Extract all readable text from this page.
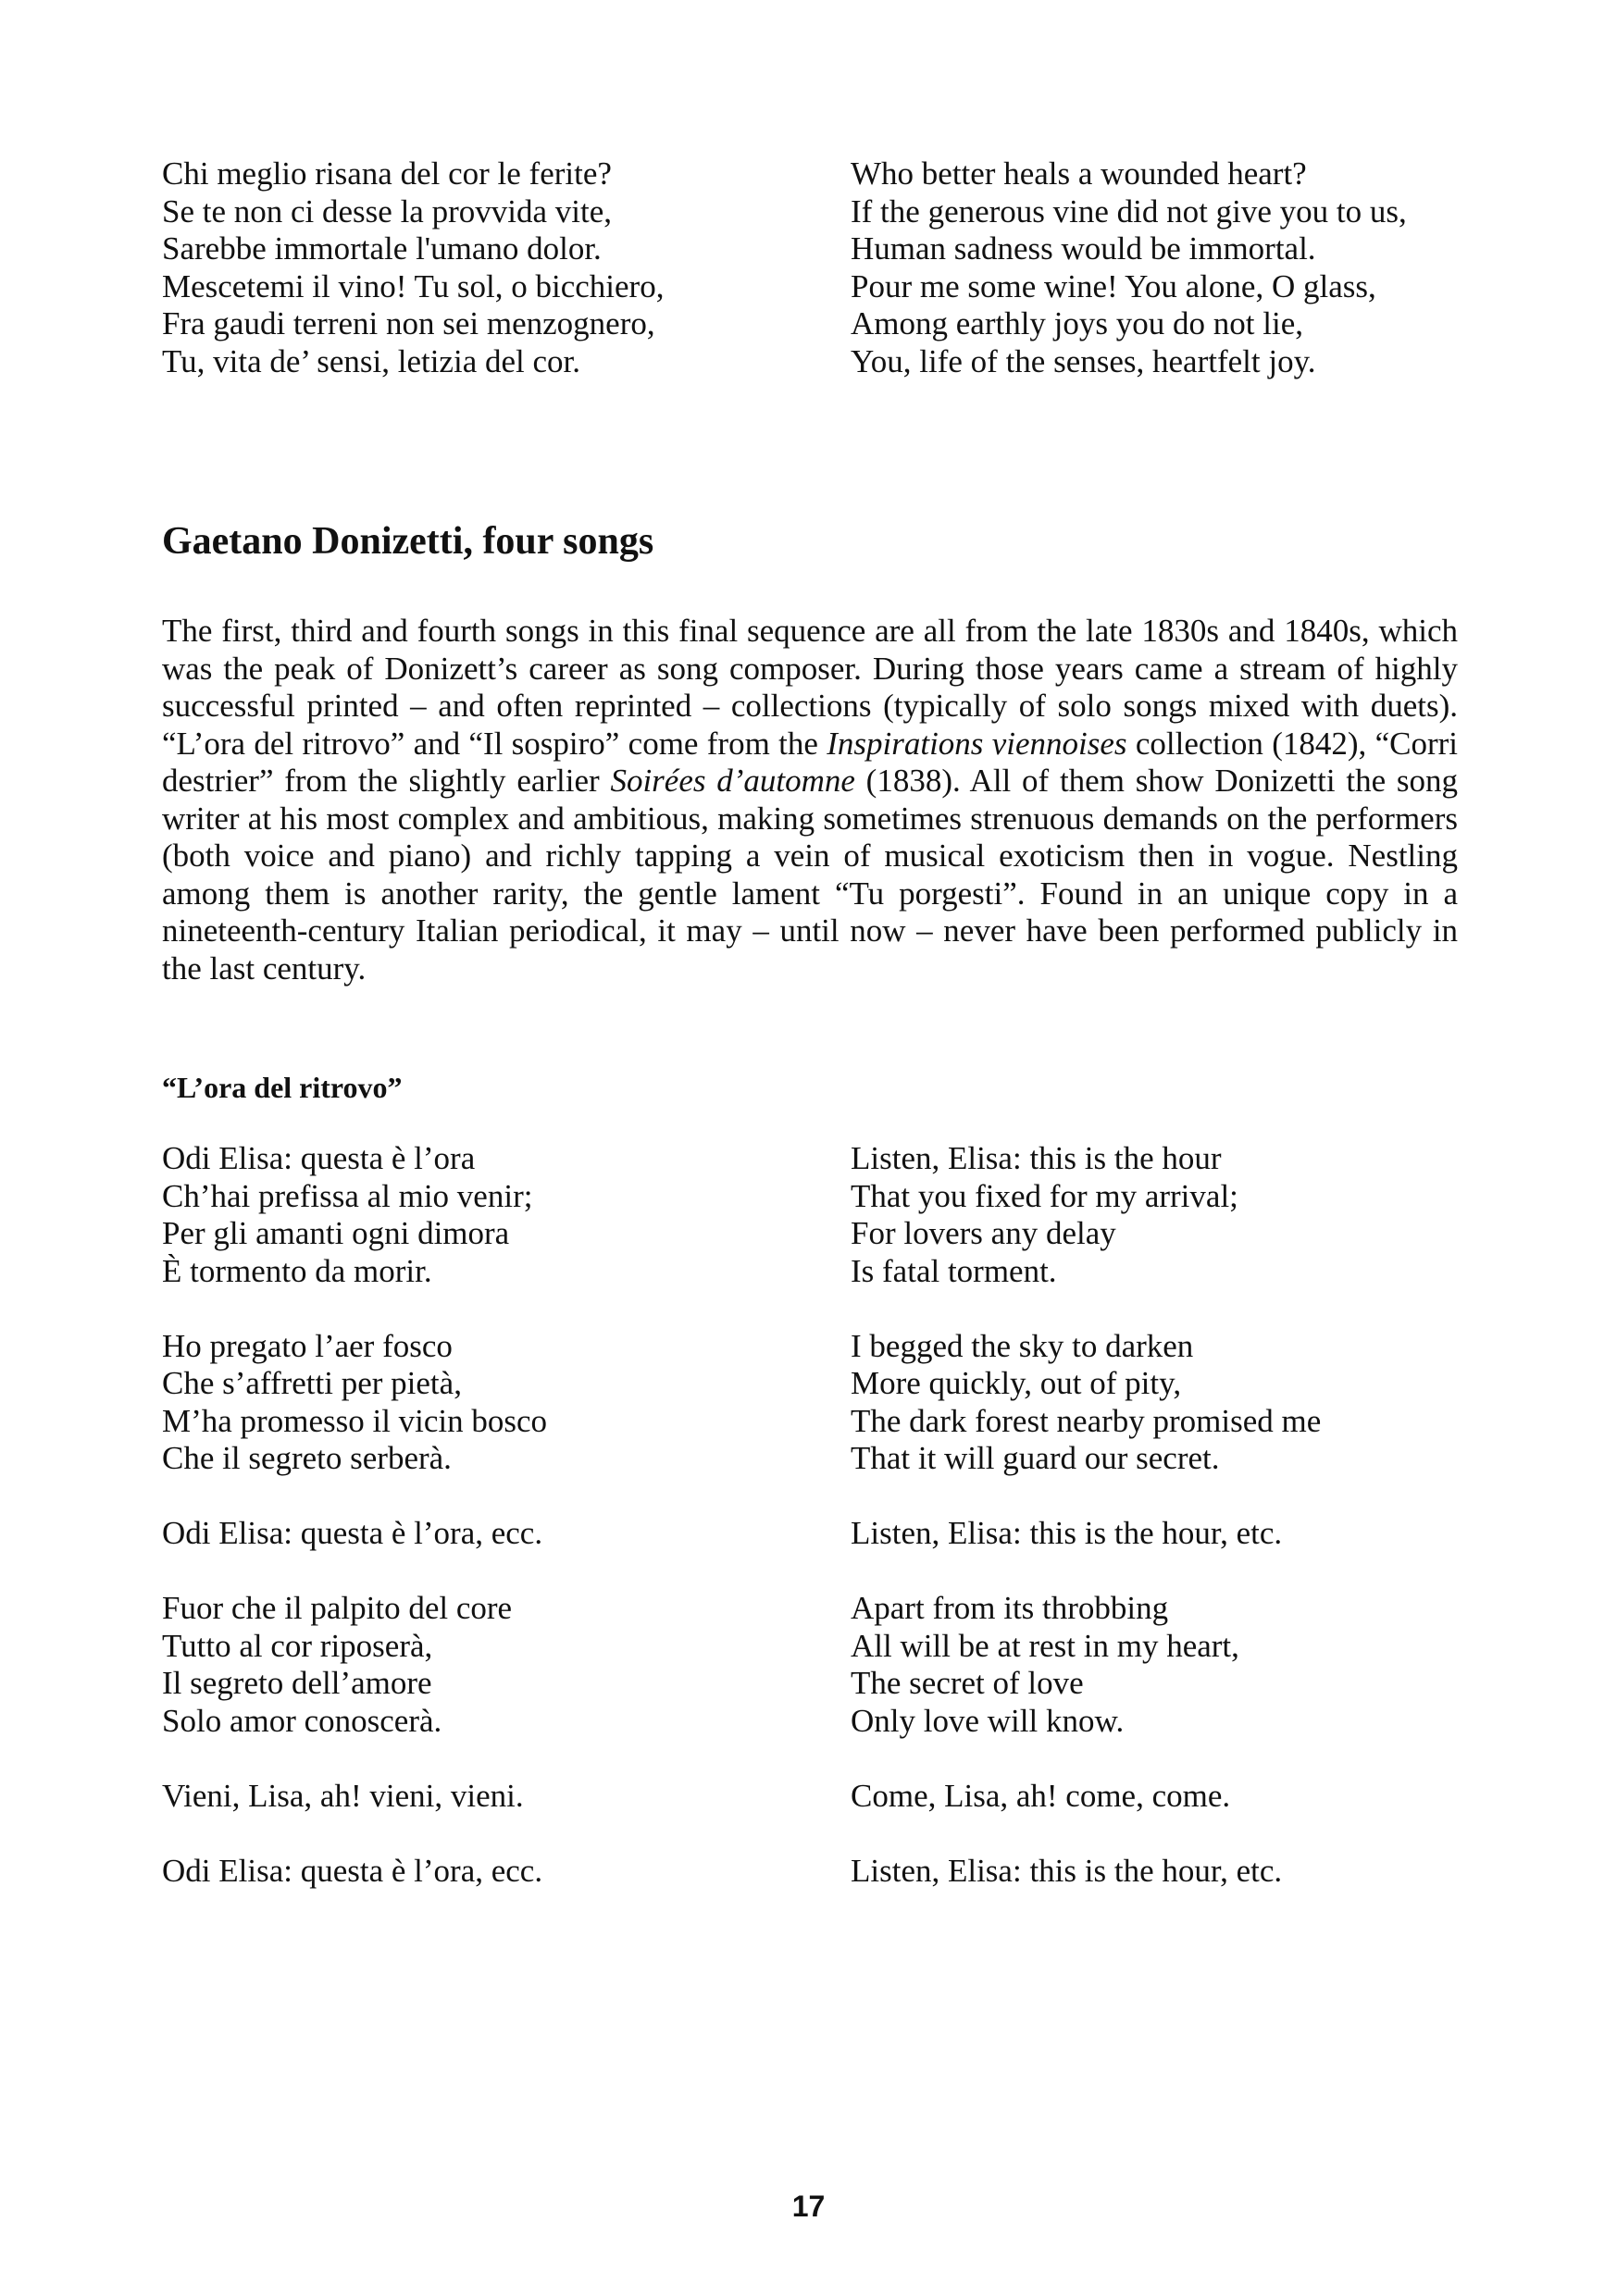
Chi meglio risana del cor le ferite?
Se te non ci desse la provvida vite,
Sarebbe immortale l'umano dolor.
Mescetemi il vino! Tu sol, o bicchiero,
Fra gaudi terreni non sei menzognero,
Tu, vita de’ sensi, letizia del cor.
Who better heals a wounded heart?
If the generous vine did not give you to us,
Human sadness would be immortal.
Pour me some wine! You alone, O glass,
Among earthly joys you do not lie,
You, life of the senses, heartfelt joy.
Gaetano Donizetti, four songs

The first, third and fourth songs in this final sequence are all from the late 1830s and 1840s, which was the peak of Donizett’s career as song composer. During those years came a stream of highly successful printed – and often reprinted – collections (typically of solo songs mixed with duets). “L’ora del ritrovo” and “Il sospiro” come from the Inspirations viennoises collection (1842), “Corri destrier” from the slightly earlier Soirées d’automne (1838). All of them show Donizetti the song writer at his most complex and ambitious, making sometimes strenuous demands on the performers (both voice and piano) and richly tapping a vein of musical exoticism then in vogue. Nestling among them is another rarity, the gentle lament “Tu porgesti”. Found in an unique copy in a nineteenth-century Italian periodical, it may – until now – never have been performed publicly in the last century.

“L’ora del ritrovo”

Odi Elisa: questa è l’ora
Ch’hai prefissa al mio venir;
Per gli amanti ogni dimora
È tormento da morir.
Ho pregato l’aer fosco
Che s’affretti per pietà,
M’ha promesso il vicin bosco
Che il segreto serberà.
Odi Elisa: questa è l’ora, ecc.
Fuor che il palpito del core
Tutto al cor riposerà,
Il segreto dell’amore
Solo amor conoscerà.
Vieni, Lisa, ah! vieni, vieni.
Odi Elisa: questa è l’ora, ecc.
Listen, Elisa: this is the hour
That you fixed for my arrival;
For lovers any delay
Is fatal torment.
I begged the sky to darken
More quickly, out of pity,
The dark forest nearby promised me
That it will guard our secret.
Listen, Elisa: this is the hour, etc.
Apart from its throbbing
All will be at rest in my heart,
The secret of love
Only love will know.
Come, Lisa, ah! come, come.
Listen, Elisa: this is the hour, etc.
17
